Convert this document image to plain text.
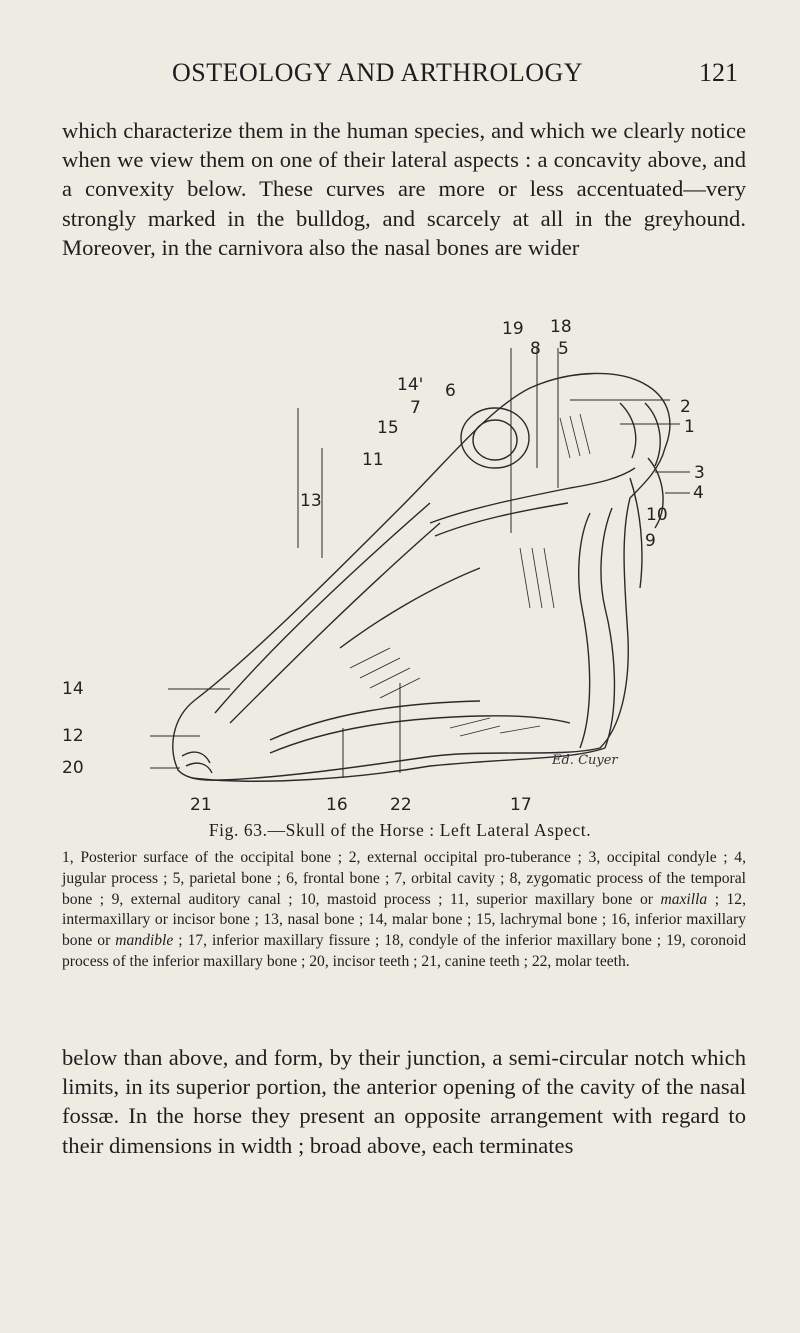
OSTEOLOGY AND ARTHROLOGY	121

which characterize them in the human species, and which we clearly notice when we view them on one of their lateral aspects : a concavity above, and a convexity below. These curves are more or less accentuated—very strongly marked in the bulldog, and scarcely at all in the greyhound. Moreover, in the carnivora also the nasal bones are wider

19 18
8 5
14' 6
7
15
11
13
2
1
3
4
10
9
14
12
20
21	16 22	17
Éd. Cuyer
Fig. 63.—Skull of the Horse : Left Lateral Aspect.

1, Posterior surface of the occipital bone ; 2, external occipital pro-tuberance ; 3, occipital condyle ; 4, jugular process ; 5, parietal bone ; 6, frontal bone ; 7, orbital cavity ; 8, zygomatic process of the temporal bone ; 9, external auditory canal ; 10, mastoid process ; 11, superior maxillary bone or maxilla ; 12, intermaxillary or incisor bone ; 13, nasal bone ; 14, malar bone ; 15, lachrymal bone ; 16, inferior maxillary bone or mandible ; 17, inferior maxillary fissure ; 18, condyle of the inferior maxillary bone ; 19, coronoid process of the inferior maxillary bone ; 20, incisor teeth ; 21, canine teeth ; 22, molar teeth.

below than above, and form, by their junction, a semi-circular notch which limits, in its superior portion, the anterior opening of the cavity of the nasal fossæ. In the horse they present an opposite arrangement with regard to their dimensions in width ; broad above, each terminates
